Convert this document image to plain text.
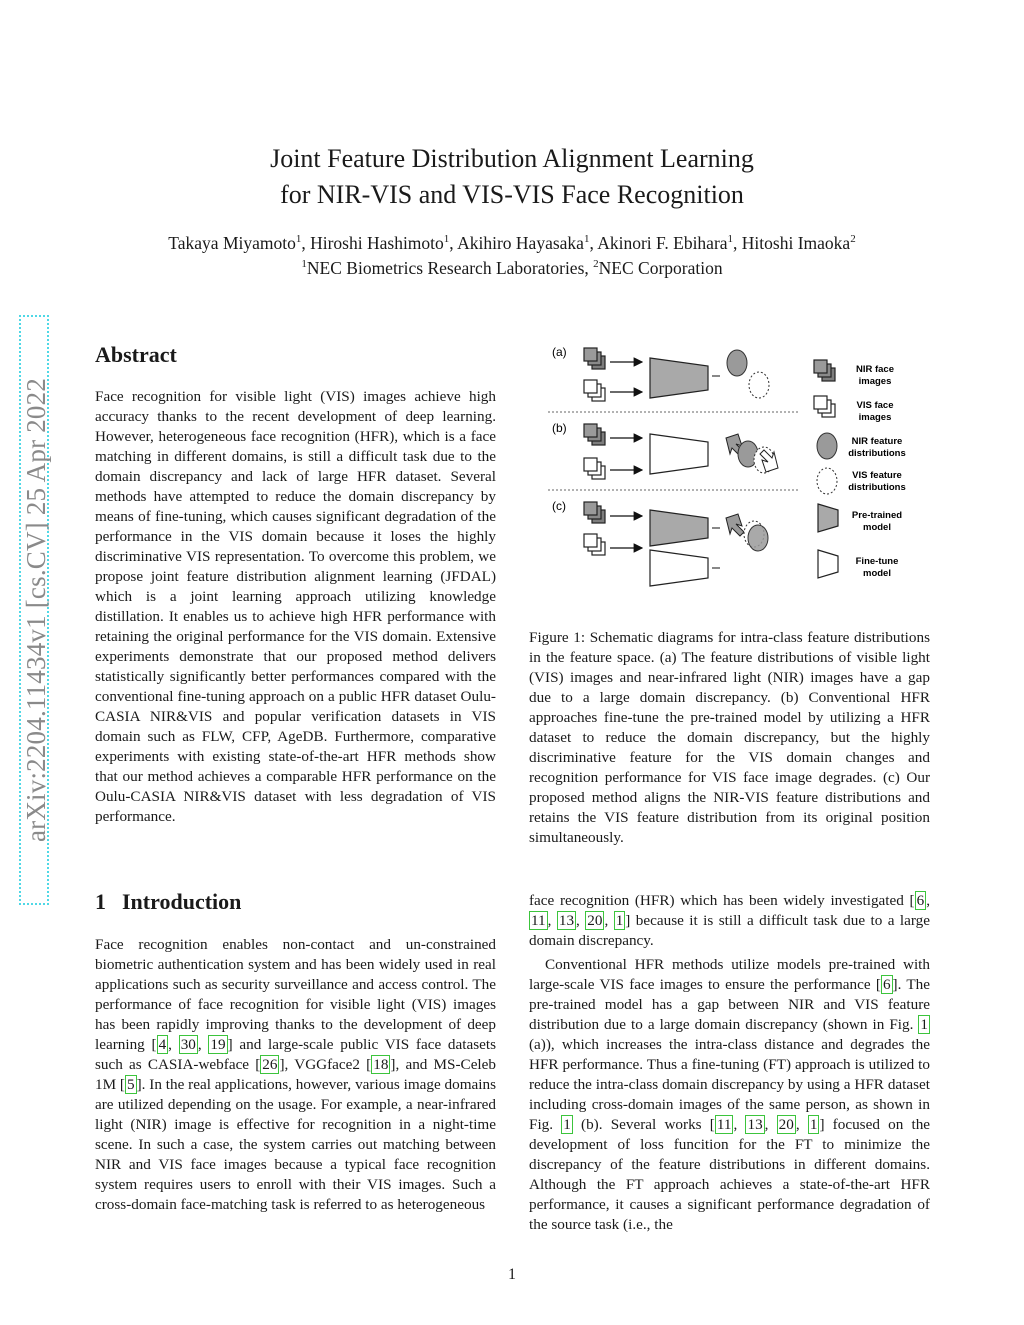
Joint Feature Distribution Alignment Learning
for NIR-VIS and VIS-VIS Face Recognition
Takaya Miyamoto$^1$, Hiroshi Hashimoto$^1$, Akihiro Hayasaka$^1$, Akinori F. Ebihara$^1$, Hitoshi Imaoka$^2$
$^1$NEC Biometrics Research Laboratories, $^2$NEC Corporation
arXiv:2204.11434v1 [cs.CV] 25 Apr 2022
Abstract

Face recognition for visible light (VIS) images achieve high accuracy thanks to the recent development of deep learning. However, heterogeneous face recognition (HFR), which is a face matching in different domains, is still a difficult task due to the domain discrepancy and lack of large HFR dataset. Several methods have attempted to reduce the domain discrepancy by means of fine-tuning, which causes significant degradation of the performance in the VIS domain because it loses the highly discriminative VIS representation. To overcome this problem, we propose joint feature distribution alignment learning (JFDAL) which is a joint learning approach utilizing knowledge distillation. It enables us to achieve high HFR performance with retaining the original performance for the VIS domain. Extensive experiments demonstrate that our proposed method delivers statistically significantly better performances compared with the conventional fine-tuning approach on a public HFR dataset Oulu-CASIA NIR&VIS and popular verification datasets in VIS domain such as FLW, CFP, AgeDB. Furthermore, comparative experiments with existing state-of-the-art HFR methods show that our method achieves a comparable HFR performance on the Oulu-CASIA NIR&VIS dataset with less degradation of VIS performance.

(a)
(b)
(c)
NIR face images
VIS face images
NIR feature distributions
VIS feature distributions
Pre-trained model
Fine-tune model

Figure 1: Schematic diagrams for intra-class feature distributions in the feature space. (a) The feature distributions of visible light (VIS) images and near-infrared light (NIR) images have a gap due to a large domain discrepancy. (b) Conventional HFR approaches fine-tune the pre-trained model by utilizing a HFR dataset to reduce the domain discrepancy, but the highly discriminative feature for the VIS domain changes and recognition performance for VIS face image degrades. (c) Our proposed method aligns the NIR-VIS feature distributions and retains the VIS feature distribution from its original position simultaneously.

1 Introduction

Face recognition enables non-contact and un-constrained biometric authentication system and has been widely used in real applications such as security surveillance and access control. The performance of face recognition for visible light (VIS) images has been rapidly improving thanks to the development of deep learning [ 4 , 30 , 19 ] and large-scale public VIS face datasets such as CASIA-webface [ 26 ], VGGface2 [ 18 ], and MS-Celeb 1M [ 5 ]. In the real applications, however, various image domains are utilized depending on the usage. For example, a near-infrared light (NIR) image is effective for recognition in a night-time scene. In such a case, the system carries out matching between NIR and VIS face images because a typical face recognition system requires users to enroll with their VIS images. Such a cross-domain face-matching task is referred to as heterogeneous

face recognition (HFR) which has been widely investigated [ 6 , 11 , 13 , 20 , 1 ] because it is still a difficult task due to a large domain discrepancy.

Conventional HFR methods utilize models pre-trained with large-scale VIS face images to ensure the performance [ 6 ]. The pre-trained model has a gap between NIR and VIS feature distribution due to a large domain discrepancy (shown in Fig. 1 (a)), which increases the intra-class distance and degrades the HFR performance. Thus a fine-tuning (FT) approach is utilized to reduce the intra-class domain discrepancy by using a HFR dataset including cross-domain images of the same person, as shown in Fig. 1 (b). Several works [ 11 , 13 , 20 , 1 ] focused on the development of loss funcition for the FT to minimize the discrepancy of the feature distributions in different domains. Although the FT approach achieves a state-of-the-art HFR performance, it causes a significant performance degradation of the source task (i.e., the

1
